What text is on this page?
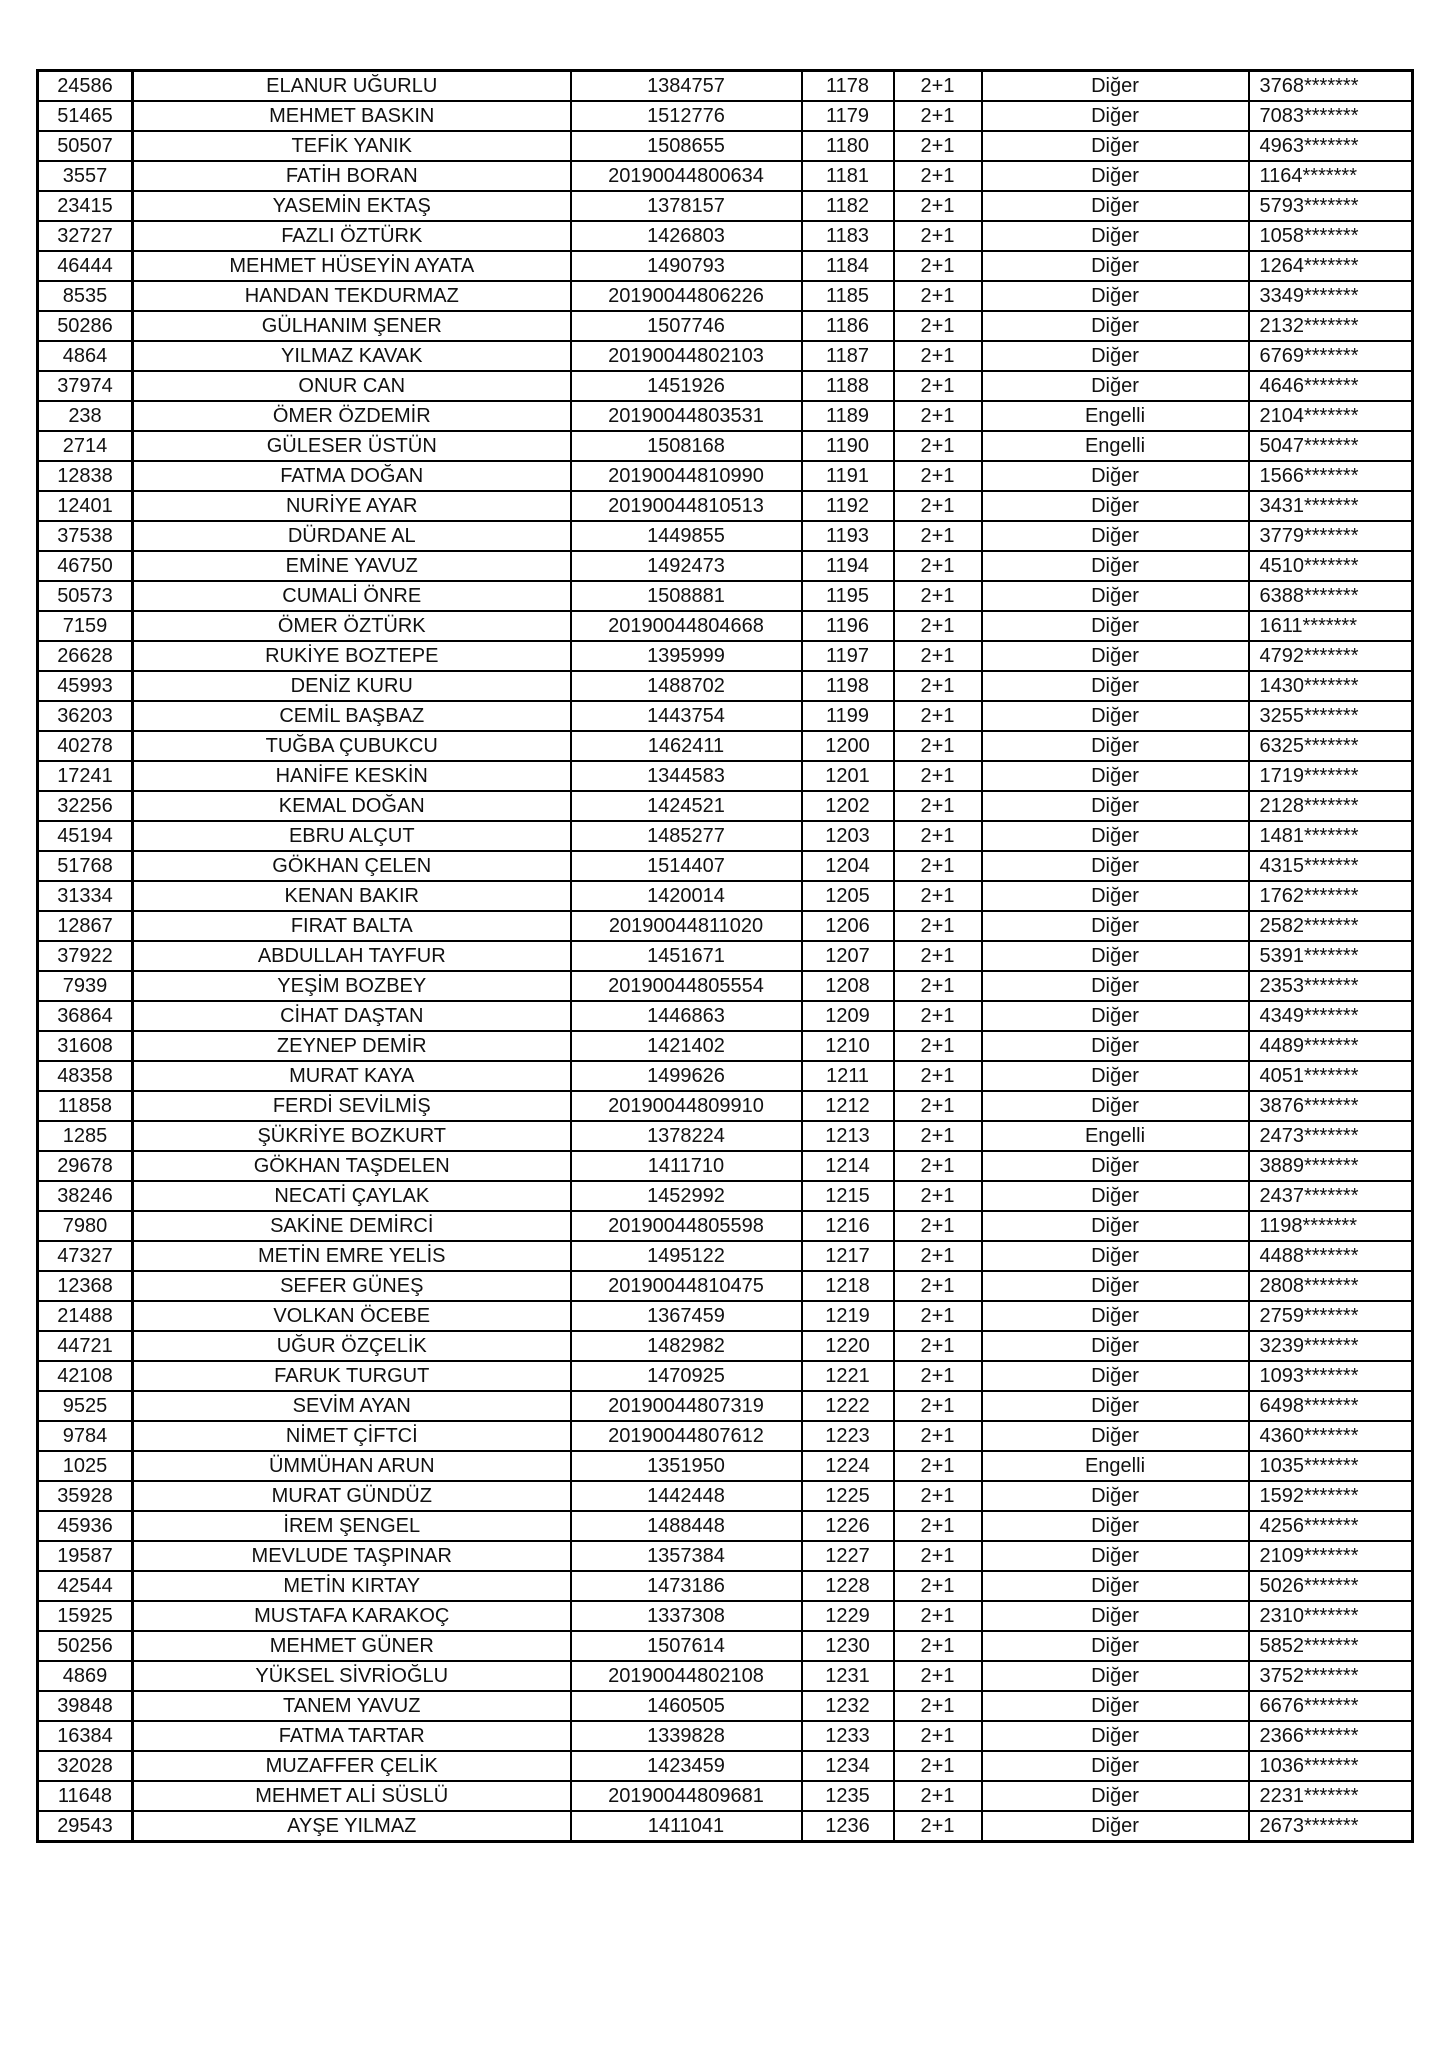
24586	ELANUR UĞURLU	1384757	1178	2+1	Diğer	3768*******
51465	MEHMET BASKIN	1512776	1179	2+1	Diğer	7083*******
50507	TEFİK YANIK	1508655	1180	2+1	Diğer	4963*******
3557	FATİH BORAN	20190044800634	1181	2+1	Diğer	1164*******
23415	YASEMİN EKTAŞ	1378157	1182	2+1	Diğer	5793*******
32727	FAZLI ÖZTÜRK	1426803	1183	2+1	Diğer	1058*******
46444	MEHMET HÜSEYİN AYATA	1490793	1184	2+1	Diğer	1264*******
8535	HANDAN TEKDURMAZ	20190044806226	1185	2+1	Diğer	3349*******
50286	GÜLHANIM ŞENER	1507746	1186	2+1	Diğer	2132*******
4864	YILMAZ KAVAK	20190044802103	1187	2+1	Diğer	6769*******
37974	ONUR CAN	1451926	1188	2+1	Diğer	4646*******
238	ÖMER ÖZDEMİR	20190044803531	1189	2+1	Engelli	2104*******
2714	GÜLESER ÜSTÜN	1508168	1190	2+1	Engelli	5047*******
12838	FATMA DOĞAN	20190044810990	1191	2+1	Diğer	1566*******
12401	NURİYE AYAR	20190044810513	1192	2+1	Diğer	3431*******
37538	DÜRDANE AL	1449855	1193	2+1	Diğer	3779*******
46750	EMİNE YAVUZ	1492473	1194	2+1	Diğer	4510*******
50573	CUMALİ ÖNRE	1508881	1195	2+1	Diğer	6388*******
7159	ÖMER ÖZTÜRK	20190044804668	1196	2+1	Diğer	1611*******
26628	RUKİYE BOZTEPE	1395999	1197	2+1	Diğer	4792*******
45993	DENİZ KURU	1488702	1198	2+1	Diğer	1430*******
36203	CEMİL BAŞBAZ	1443754	1199	2+1	Diğer	3255*******
40278	TUĞBA ÇUBUKCU	1462411	1200	2+1	Diğer	6325*******
17241	HANİFE KESKİN	1344583	1201	2+1	Diğer	1719*******
32256	KEMAL DOĞAN	1424521	1202	2+1	Diğer	2128*******
45194	EBRU ALÇUT	1485277	1203	2+1	Diğer	1481*******
51768	GÖKHAN ÇELEN	1514407	1204	2+1	Diğer	4315*******
31334	KENAN BAKIR	1420014	1205	2+1	Diğer	1762*******
12867	FIRAT BALTA	20190044811020	1206	2+1	Diğer	2582*******
37922	ABDULLAH TAYFUR	1451671	1207	2+1	Diğer	5391*******
7939	YEŞİM BOZBEY	20190044805554	1208	2+1	Diğer	2353*******
36864	CİHAT DAŞTAN	1446863	1209	2+1	Diğer	4349*******
31608	ZEYNEP DEMİR	1421402	1210	2+1	Diğer	4489*******
48358	MURAT KAYA	1499626	1211	2+1	Diğer	4051*******
11858	FERDİ SEVİLMİŞ	20190044809910	1212	2+1	Diğer	3876*******
1285	ŞÜKRİYE BOZKURT	1378224	1213	2+1	Engelli	2473*******
29678	GÖKHAN TAŞDELEN	1411710	1214	2+1	Diğer	3889*******
38246	NECATİ ÇAYLAK	1452992	1215	2+1	Diğer	2437*******
7980	SAKİNE DEMİRCİ	20190044805598	1216	2+1	Diğer	1198*******
47327	METİN EMRE YELİS	1495122	1217	2+1	Diğer	4488*******
12368	SEFER GÜNEŞ	20190044810475	1218	2+1	Diğer	2808*******
21488	VOLKAN ÖCEBE	1367459	1219	2+1	Diğer	2759*******
44721	UĞUR ÖZÇELİK	1482982	1220	2+1	Diğer	3239*******
42108	FARUK TURGUT	1470925	1221	2+1	Diğer	1093*******
9525	SEVİM AYAN	20190044807319	1222	2+1	Diğer	6498*******
9784	NİMET ÇİFTCİ	20190044807612	1223	2+1	Diğer	4360*******
1025	ÜMMÜHAN ARUN	1351950	1224	2+1	Engelli	1035*******
35928	MURAT GÜNDÜZ	1442448	1225	2+1	Diğer	1592*******
45936	İREM ŞENGEL	1488448	1226	2+1	Diğer	4256*******
19587	MEVLUDE TAŞPINAR	1357384	1227	2+1	Diğer	2109*******
42544	METİN KIRTAY	1473186	1228	2+1	Diğer	5026*******
15925	MUSTAFA KARAKOÇ	1337308	1229	2+1	Diğer	2310*******
50256	MEHMET GÜNER	1507614	1230	2+1	Diğer	5852*******
4869	YÜKSEL SİVRİOĞLU	20190044802108	1231	2+1	Diğer	3752*******
39848	TANEM YAVUZ	1460505	1232	2+1	Diğer	6676*******
16384	FATMA TARTAR	1339828	1233	2+1	Diğer	2366*******
32028	MUZAFFER ÇELİK	1423459	1234	2+1	Diğer	1036*******
11648	MEHMET ALİ SÜSLÜ	20190044809681	1235	2+1	Diğer	2231*******
29543	AYŞE YILMAZ	1411041	1236	2+1	Diğer	2673*******
